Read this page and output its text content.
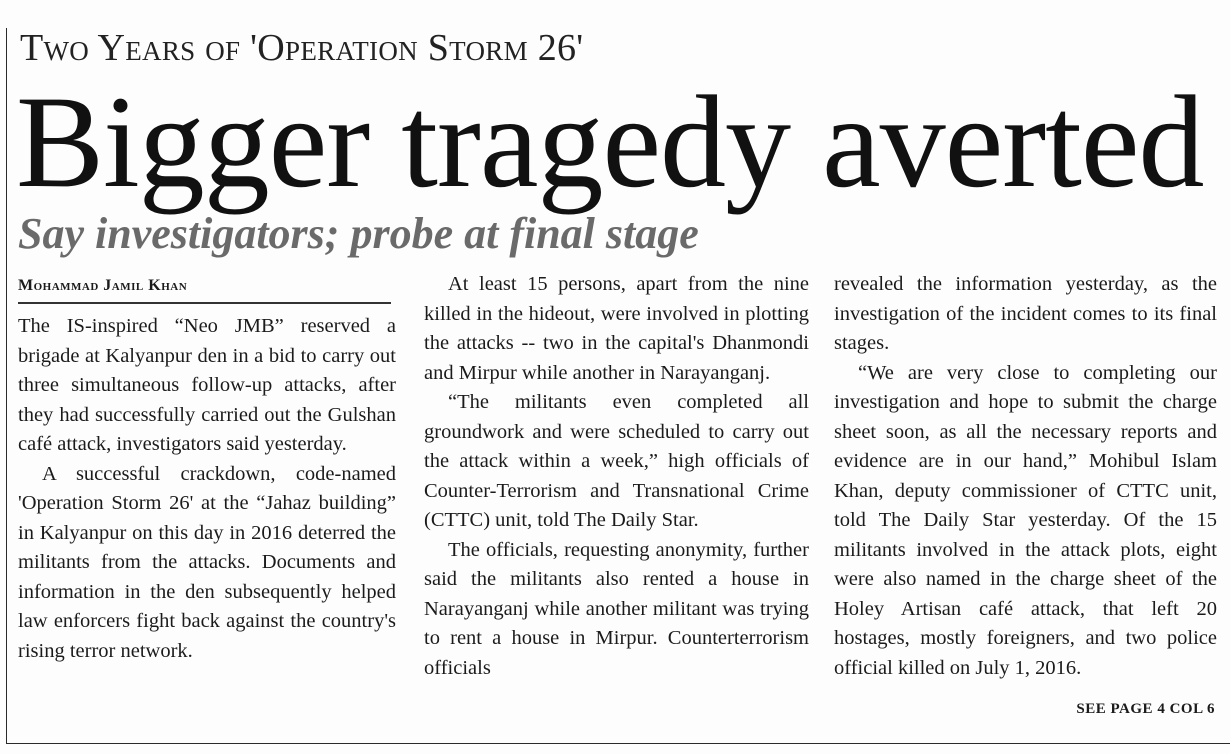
Two Years of 'Operation Storm 26'
Bigger tragedy averted
Say investigators; probe at final stage
Mohammad Jamil Khan

The IS-inspired “Neo JMB” reserved a brigade at Kalyanpur den in a bid to carry out three simultaneous follow-up attacks, after they had successfully carried out the Gulshan café attack, investigators said yesterday.

A successful crackdown, code-named 'Operation Storm 26' at the “Jahaz building” in Kalyanpur on this day in 2016 deterred the militants from the attacks. Documents and information in the den subsequently helped law enforcers fight back against the country's rising terror network.

At least 15 persons, apart from the nine killed in the hideout, were involved in plotting the attacks -- two in the capital's Dhanmondi and Mirpur while another in Narayanganj.

“The militants even completed all groundwork and were scheduled to carry out the attack within a week,” high officials of Counter-Terrorism and Transnational Crime (CTTC) unit, told The Daily Star.

The officials, requesting anonymity, further said the militants also rented a house in Narayanganj while another militant was trying to rent a house in Mirpur. Counterterrorism officials

revealed the information yesterday, as the investigation of the incident comes to its final stages.

“We are very close to completing our investigation and hope to submit the charge sheet soon, as all the necessary reports and evidence are in our hand,” Mohibul Islam Khan, deputy commissioner of CTTC unit, told The Daily Star yesterday. Of the 15 militants involved in the attack plots, eight were also named in the charge sheet of the Holey Artisan café attack, that left 20 hostages, mostly foreigners, and two police official killed on July 1, 2016.

SEE PAGE 4 COL 6
